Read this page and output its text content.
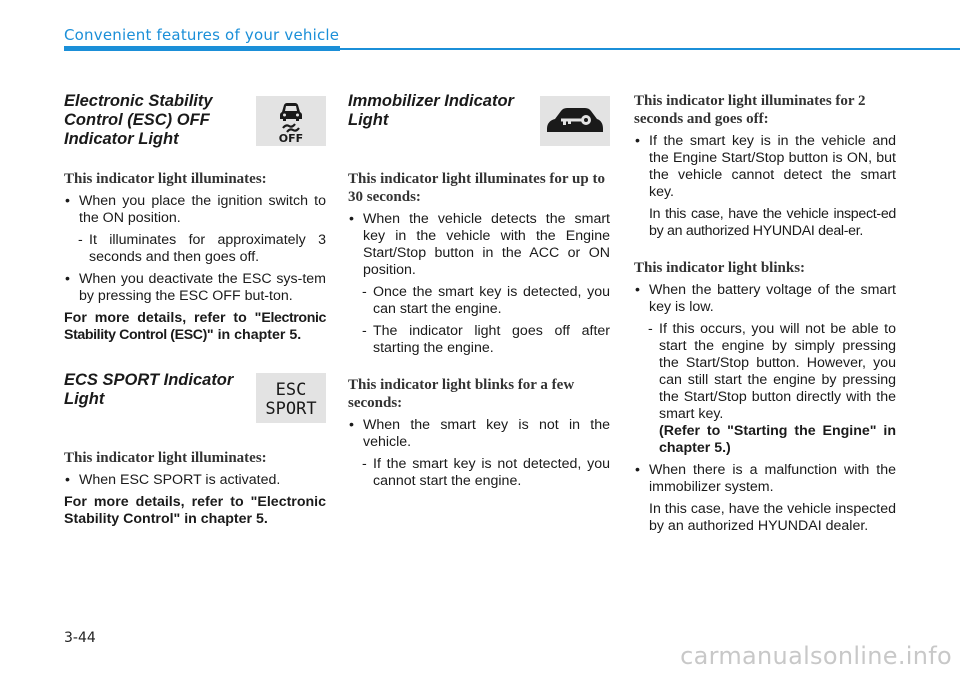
Convenient features of your vehicle
Electronic Stability Control (ESC) OFF Indicator Light	OFF
This indicator light illuminates:
• When you place the ignition switch to the ON position.
- It illuminates for approximately 3 seconds and then goes off.
• When you deactivate the ESC sys-tem by pressing the ESC OFF but-ton.
For more details, refer to "Electronic Stability Control (ESC)" in chapter 5.
ECS SPORT Indicator Light	ESC
SPORT
This indicator light illuminates:
• When ESC SPORT is activated.
For more details, refer to "Electronic Stability Control" in chapter 5.
Immobilizer Indicator Light
This indicator light illuminates for up to 30 seconds:
• When the vehicle detects the smart key in the vehicle with the Engine Start/Stop button in the ACC or ON position.
- Once the smart key is detected, you can start the engine.
- The indicator light goes off after starting the engine.
This indicator light blinks for a few seconds:
• When the smart key is not in the vehicle.
- If the smart key is not detected, you cannot start the engine.
This indicator light illuminates for 2 seconds and goes off:
• If the smart key is in the vehicle and the Engine Start/Stop button is ON, but the vehicle cannot detect the smart key.
In this case, have the vehicle inspect-ed by an authorized HYUNDAI deal-er.
This indicator light blinks:
• When the battery voltage of the smart key is low.
- If this occurs, you will not be able to start the engine by simply pressing the Start/Stop button. However, you can still start the engine by pressing the Start/Stop button directly with the smart key.
(Refer to "Starting the Engine" in chapter 5.)
• When there is a malfunction with the immobilizer system.
In this case, have the vehicle inspected by an authorized HYUNDAI dealer.
3-44
carmanualsonline.info
